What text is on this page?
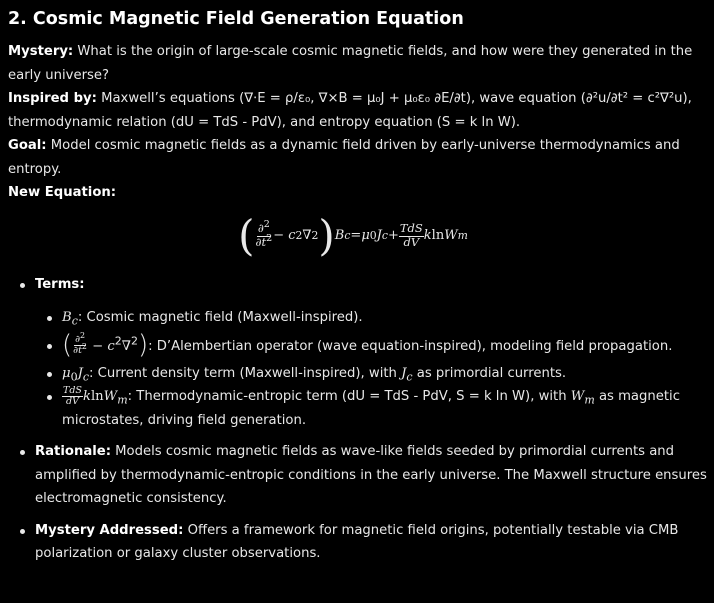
2. Cosmic Magnetic Field Generation Equation

Mystery: What is the origin of large-scale cosmic magnetic fields, and how were they generated in the early universe?

Inspired by: Maxwell’s equations (∇⋅E = ρ/ε₀, ∇×B = μ₀J + μ₀ε₀ ∂E/∂t), wave equation (∂²u/∂t² = c²∇²u), thermodynamic relation (dU = TdS - PdV), and entropy equation (S = k ln W).

Goal: Model cosmic magnetic fields as a dynamic field driven by early-universe thermodynamics and entropy.

New Equation:

( $\frac{\partial^2}{\partial t^2} - c$ 2 ∇ 2 ) B c = μ 0 J $c + \frac{\text{TdS}}{dV}$ k ln W m
Terms:
$B_c$: Cosmic magnetic field (Maxwell-inspired).
( $\frac{\partial^2}{\partial t^2} - c^2\nabla^2$): D’Alembertian operator (wave equation-inspired), modeling field propagation.
$\mu_0J_c$: Current density term (Maxwell-inspired), with $J_c$ as primordial currents.
$\frac{\text{TdS}}{dV} klnW_m$: Thermodynamic-entropic term (dU = TdS - PdV, S = k ln W), with $W_m$ as magnetic microstates, driving field generation.
Rationale: Models cosmic magnetic fields as wave-like fields seeded by primordial currents and amplified by thermodynamic-entropic conditions in the early universe. The Maxwell structure ensures electromagnetic consistency.
Mystery Addressed: Offers a framework for magnetic field origins, potentially testable via CMB polarization or galaxy cluster observations.
